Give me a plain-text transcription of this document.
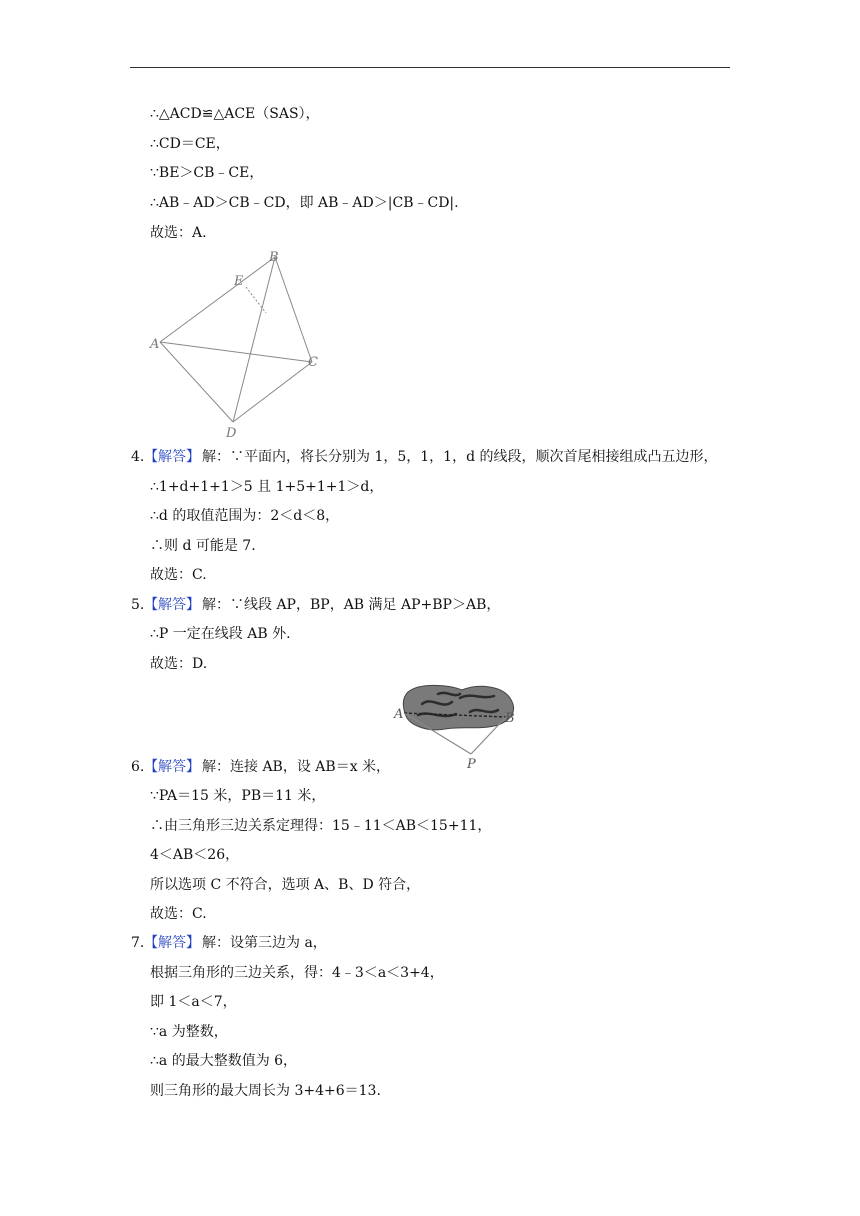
∴△ACD≌△ACE（SAS），
∴CD＝CE，
∵BE＞CB﹣CE，
∴AB﹣AD＞CB﹣CD，即 AB﹣AD＞|CB﹣CD|.
故选：A.
A
B
C
D
E
4. 【解答】 解：∵平面内，将长分别为 1，5，1，1，d 的线段，顺次首尾相接组成凸五边形，
∴1+d+1+1＞5 且 1+5+1+1＞d，
∴d 的取值范围为：2＜d＜8，
∴则 d 可能是 7.
故选：C.
5. 【解答】 解：∵线段 AP，BP，AB 满足 AP+BP＞AB，
∴P 一定在线段 AB 外.
故选：D.
A	B
P
6. 【解答】 解：连接 AB，设 AB＝x 米，
∵PA＝15 米，PB＝11 米，
∴由三角形三边关系定理得：15﹣11＜AB＜15+11，
4＜AB＜26，
所以选项 C 不符合，选项 A、B、D 符合，
故选：C.
7. 【解答】 解：设第三边为 a，
根据三角形的三边关系，得：4﹣3＜a＜3+4，
即 1＜a＜7，
∵a 为整数，
∴a 的最大整数值为 6，
则三角形的最大周长为 3+4+6＝13.
